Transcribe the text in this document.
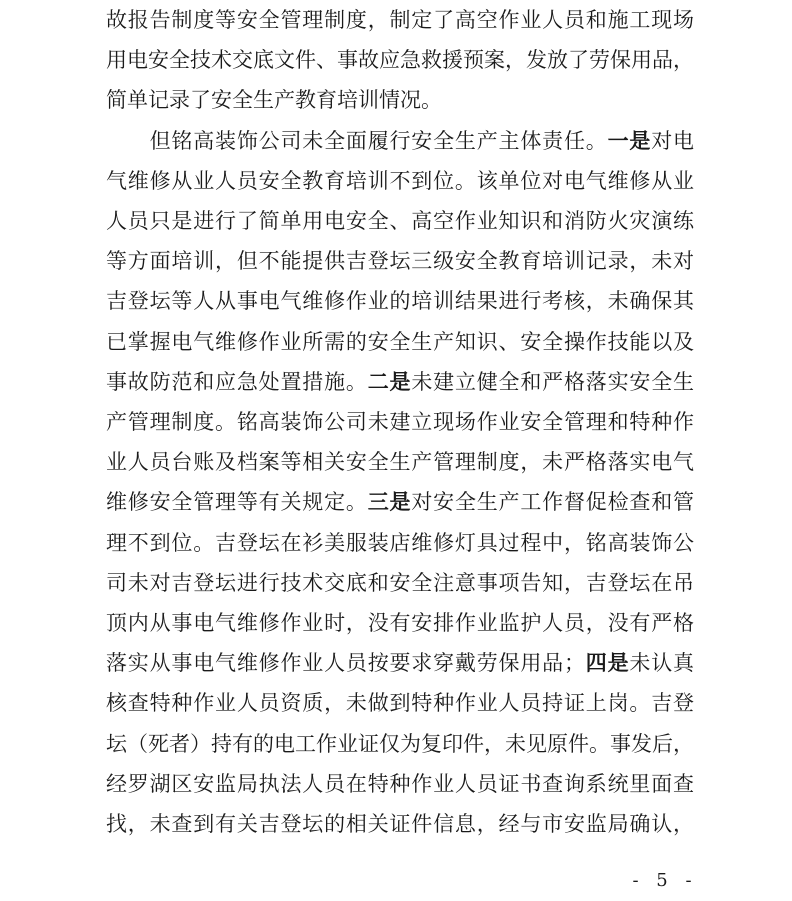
故报告制度等安全管理制度，制定了高空作业人员和施工现场
用电安全技术交底文件、事故应急救援预案，发放了劳保用品，
简单记录了安全生产教育培训情况。
　　但铭高装饰公司未全面履行安全生产主体责任。一是对电
气维修从业人员安全教育培训不到位。该单位对电气维修从业
人员只是进行了简单用电安全、高空作业知识和消防火灾演练
等方面培训，但不能提供吉登坛三级安全教育培训记录，未对
吉登坛等人从事电气维修作业的培训结果进行考核，未确保其
已掌握电气维修作业所需的安全生产知识、安全操作技能以及
事故防范和应急处置措施。二是未建立健全和严格落实安全生
产管理制度。铭高装饰公司未建立现场作业安全管理和特种作
业人员台账及档案等相关安全生产管理制度，未严格落实电气
维修安全管理等有关规定。三是对安全生产工作督促检查和管
理不到位。吉登坛在衫美服装店维修灯具过程中，铭高装饰公
司未对吉登坛进行技术交底和安全注意事项告知，吉登坛在吊
顶内从事电气维修作业时，没有安排作业监护人员，没有严格
落实从事电气维修作业人员按要求穿戴劳保用品；四是未认真
核查特种作业人员资质，未做到特种作业人员持证上岗。吉登
坛（死者）持有的电工作业证仅为复印件，未见原件。事发后，
经罗湖区安监局执法人员在特种作业人员证书查询系统里面查
找，未查到有关吉登坛的相关证件信息，经与市安监局确认，
- 5 -
